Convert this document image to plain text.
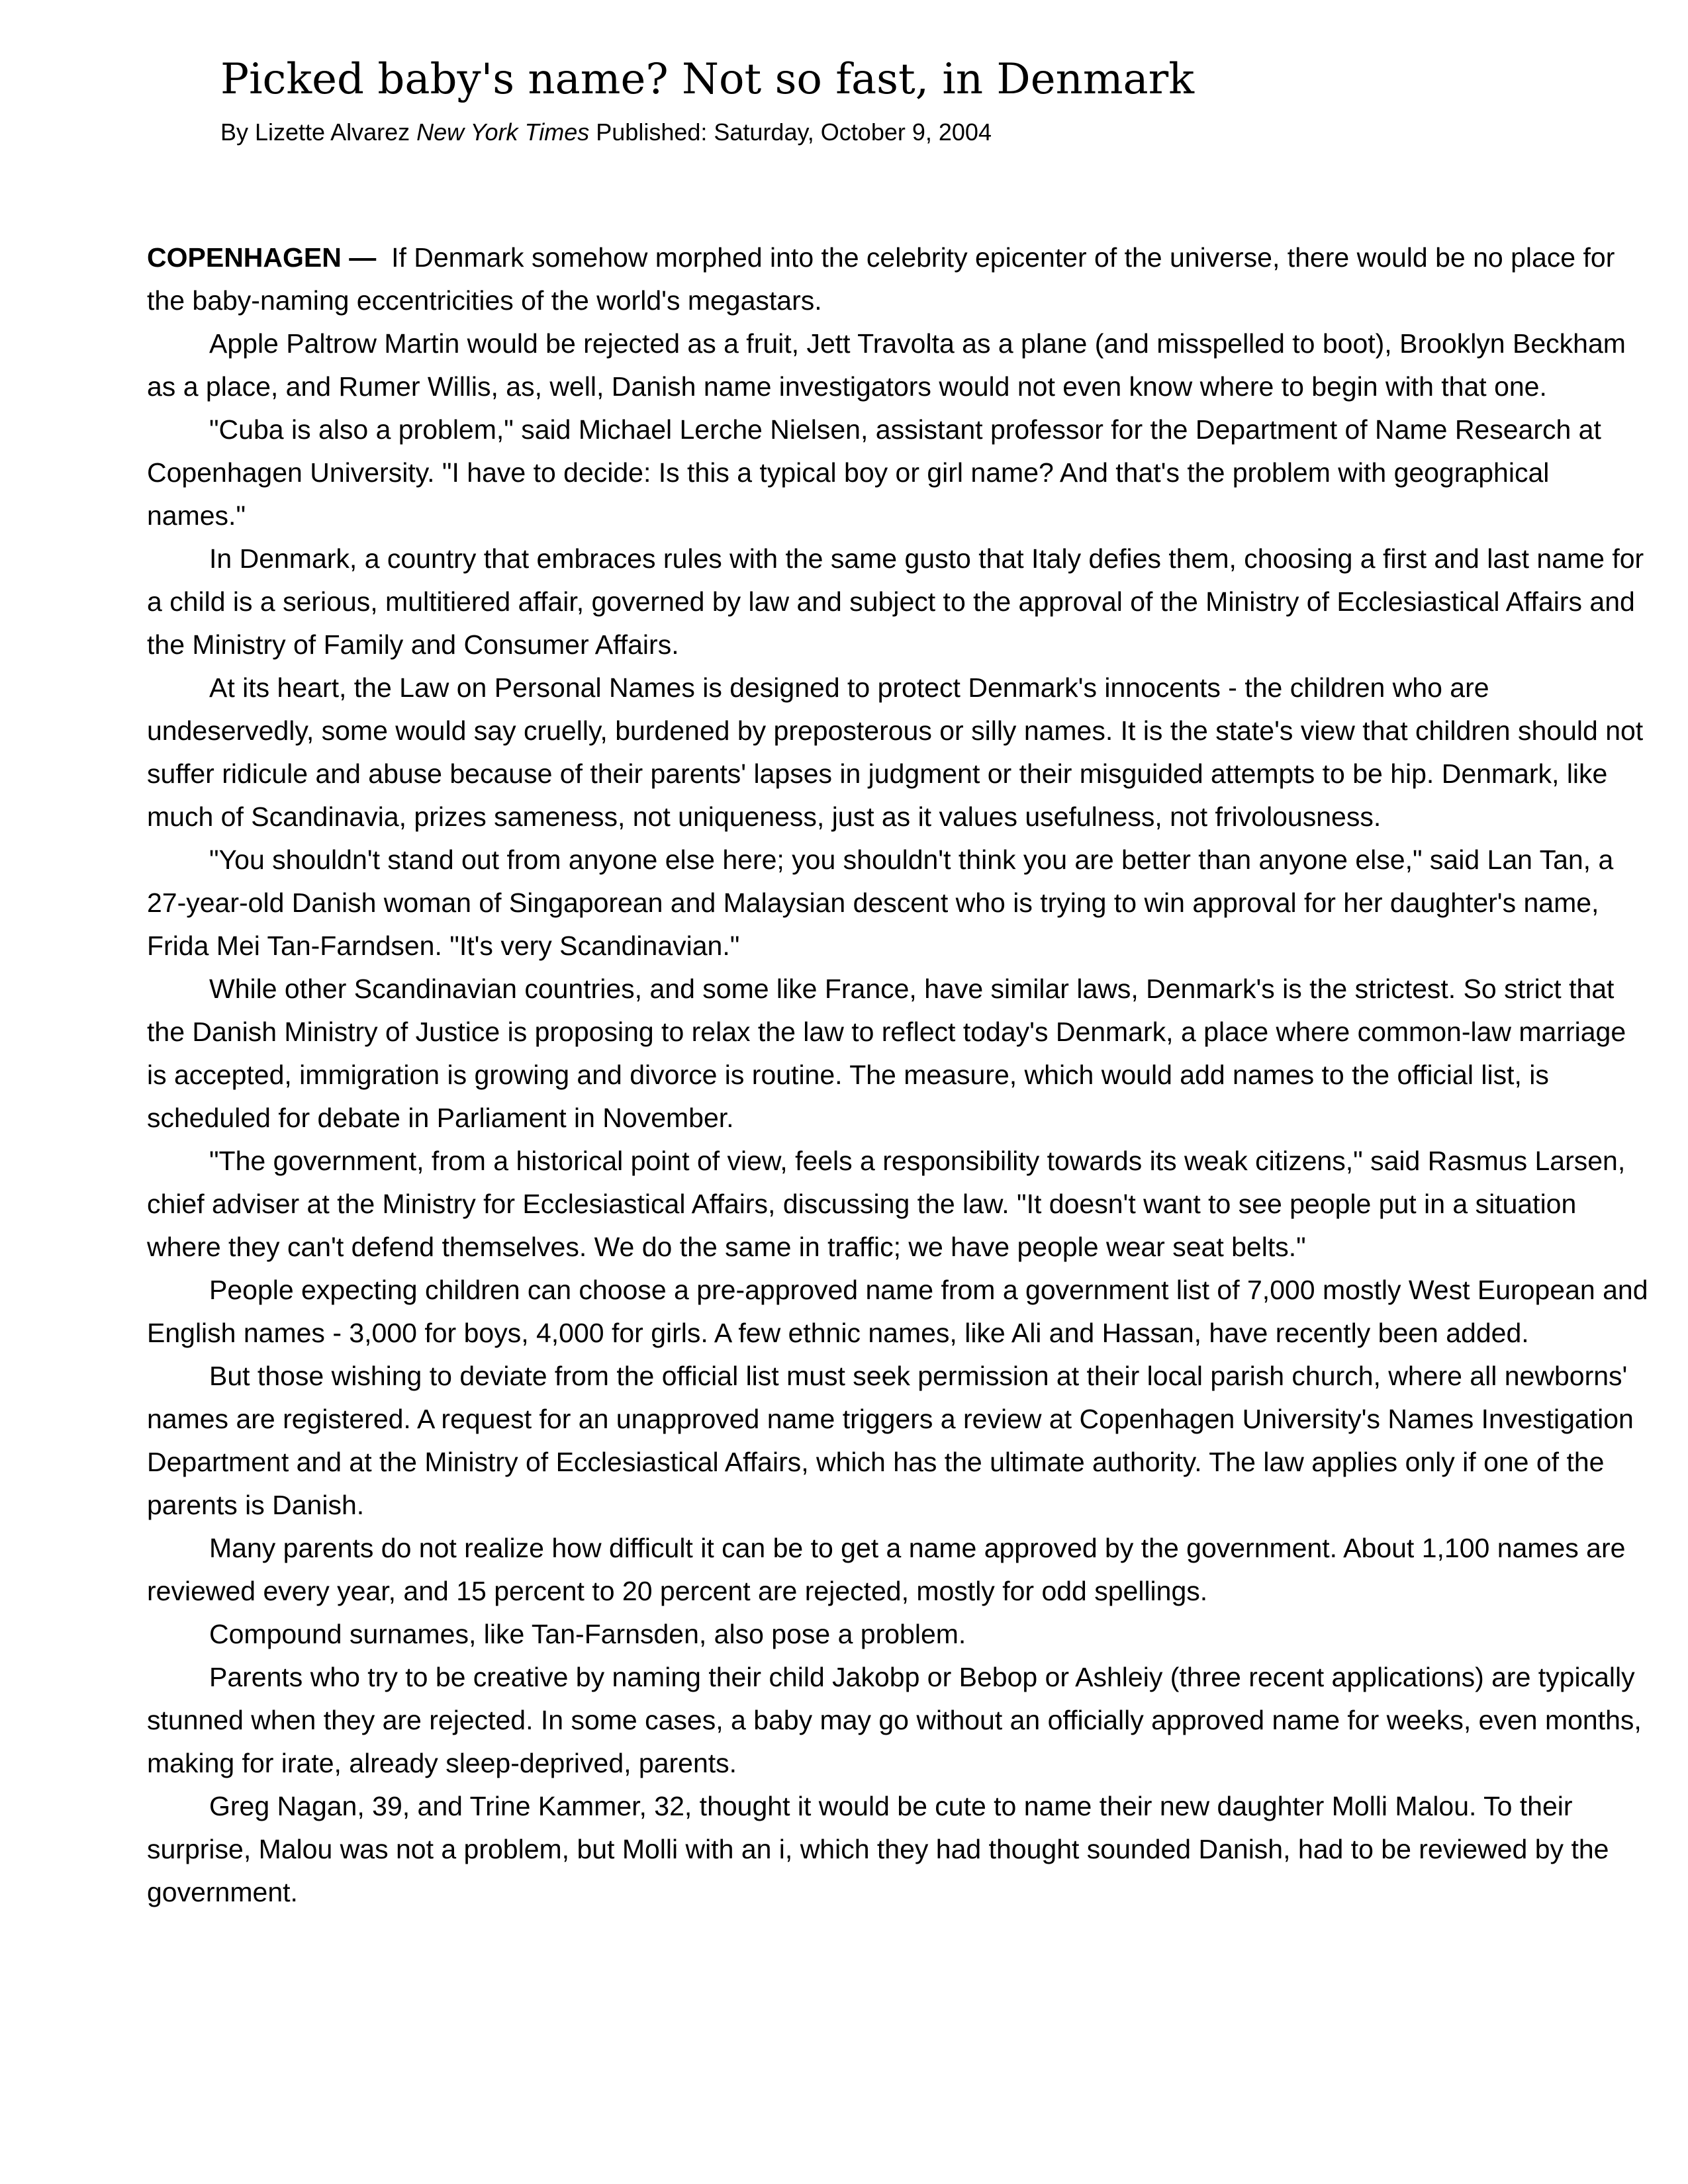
Picked baby's name? Not so fast, in Denmark
By Lizette Alvarez New York Times Published: Saturday, October 9, 2004

COPENHAGEN — If Denmark somehow morphed into the celebrity epicenter of the universe, there would be no place for the baby-naming eccentricities of the world's megastars.

Apple Paltrow Martin would be rejected as a fruit, Jett Travolta as a plane (and misspelled to boot), Brooklyn Beckham as a place, and Rumer Willis, as, well, Danish name investigators would not even know where to begin with that one.

"Cuba is also a problem," said Michael Lerche Nielsen, assistant professor for the Department of Name Research at Copenhagen University. "I have to decide: Is this a typical boy or girl name? And that's the problem with geographical names."

In Denmark, a country that embraces rules with the same gusto that Italy defies them, choosing a first and last name for a child is a serious, multitiered affair, governed by law and subject to the approval of the Ministry of Ecclesiastical Affairs and the Ministry of Family and Consumer Affairs.

At its heart, the Law on Personal Names is designed to protect Denmark's innocents - the children who are undeservedly, some would say cruelly, burdened by preposterous or silly names. It is the state's view that children should not suffer ridicule and abuse because of their parents' lapses in judgment or their misguided attempts to be hip. Denmark, like much of Scandinavia, prizes sameness, not uniqueness, just as it values usefulness, not frivolousness.

"You shouldn't stand out from anyone else here; you shouldn't think you are better than anyone else," said Lan Tan, a 27-year-old Danish woman of Singaporean and Malaysian descent who is trying to win approval for her daughter's name, Frida Mei Tan-Farndsen. "It's very Scandinavian."

While other Scandinavian countries, and some like France, have similar laws, Denmark's is the strictest. So strict that the Danish Ministry of Justice is proposing to relax the law to reflect today's Denmark, a place where common-law marriage is accepted, immigration is growing and divorce is routine. The measure, which would add names to the official list, is scheduled for debate in Parliament in November.

"The government, from a historical point of view, feels a responsibility towards its weak citizens," said Rasmus Larsen, chief adviser at the Ministry for Ecclesiastical Affairs, discussing the law. "It doesn't want to see people put in a situation where they can't defend themselves. We do the same in traffic; we have people wear seat belts."

People expecting children can choose a pre-approved name from a government list of 7,000 mostly West European and English names - 3,000 for boys, 4,000 for girls. A few ethnic names, like Ali and Hassan, have recently been added.

But those wishing to deviate from the official list must seek permission at their local parish church, where all newborns' names are registered. A request for an unapproved name triggers a review at Copenhagen University's Names Investigation Department and at the Ministry of Ecclesiastical Affairs, which has the ultimate authority. The law applies only if one of the parents is Danish.

Many parents do not realize how difficult it can be to get a name approved by the government. About 1,100 names are reviewed every year, and 15 percent to 20 percent are rejected, mostly for odd spellings.

Compound surnames, like Tan-Farnsden, also pose a problem.

Parents who try to be creative by naming their child Jakobp or Bebop or Ashleiy (three recent applications) are typically stunned when they are rejected. In some cases, a baby may go without an officially approved name for weeks, even months, making for irate, already sleep-deprived, parents.

Greg Nagan, 39, and Trine Kammer, 32, thought it would be cute to name their new daughter Molli Malou. To their surprise, Malou was not a problem, but Molli with an i, which they had thought sounded Danish, had to be reviewed by the government.
